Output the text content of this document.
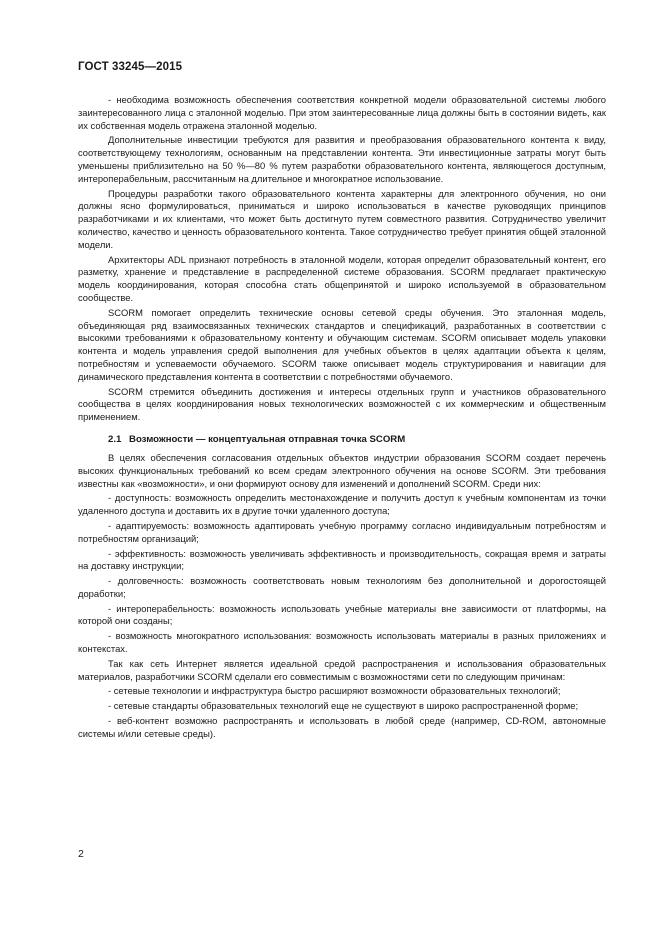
ГОСТ 33245—2015

- необходима возможность обеспечения соответствия конкретной модели образовательной системы любого заинтересованного лица с эталонной моделью. При этом заинтересованные лица должны быть в состоянии видеть, как их собственная модель отражена эталонной моделью.

Дополнительные инвестиции требуются для развития и преобразования образовательного контента к виду, соответствующему технологиям, основанным на представлении контента. Эти инвестиционные затраты могут быть уменьшены приблизительно на 50 %—80 % путем разработки образовательного контента, являющегося доступным, интероперабельным, рассчитанным на длительное и многократное использование.

Процедуры разработки такого образовательного контента характерны для электронного обучения, но они должны ясно формулироваться, приниматься и широко использоваться в качестве руководящих принципов разработчиками и их клиентами, что может быть достигнуто путем совместного развития. Сотрудничество увеличит количество, качество и ценность образовательного контента. Такое сотрудничество требует принятия общей эталонной модели.

Архитекторы ADL признают потребность в эталонной модели, которая определит образовательный контент, его разметку, хранение и представление в распределенной системе образования. SCORM предлагает практическую модель координирования, которая способна стать общепринятой и широко используемой в образовательном сообществе.

SCORM помогает определить технические основы сетевой среды обучения. Это эталонная модель, объединяющая ряд взаимосвязанных технических стандартов и спецификаций, разработанных в соответствии с высокими требованиями к образовательному контенту и обучающим системам. SCORM описывает модель упаковки контента и модель управления средой выполнения для учебных объектов в целях адаптации объекта к целям, потребностям и успеваемости обучаемого. SCORM также описывает модель структурирования и навигации для динамического представления контента в соответствии с потребностями обучаемого.

SCORM стремится объединить достижения и интересы отдельных групп и участников образовательного сообщества в целях координирования новых технологических возможностей с их коммерческим и общественным применением.

2.1 Возможности — концептуальная отправная точка SCORM

В целях обеспечения согласования отдельных объектов индустрии образования SCORM создает перечень высоких функциональных требований ко всем средам электронного обучения на основе SCORM. Эти требования известны как «возможности», и они формируют основу для изменений и дополнений SCORM. Среди них:

- доступность: возможность определить местонахождение и получить доступ к учебным компонентам из точки удаленного доступа и доставить их в другие точки удаленного доступа;

- адаптируемость: возможность адаптировать учебную программу согласно индивидуальным потребностям и потребностям организаций;

- эффективность: возможность увеличивать эффективность и производительность, сокращая время и затраты на доставку инструкции;

- долговечность: возможность соответствовать новым технологиям без дополнительной и дорогостоящей доработки;

- интероперабельность: возможность использовать учебные материалы вне зависимости от платформы, на которой они созданы;

- возможность многократного использования: возможность использовать материалы в разных приложениях и контекстах.

Так как сеть Интернет является идеальной средой распространения и использования образовательных материалов, разработчики SCORM сделали его совместимым с возможностями сети по следующим причинам:

- сетевые технологии и инфраструктура быстро расширяют возможности образовательных технологий;

- сетевые стандарты образовательных технологий еще не существуют в широко распространенной форме;

- веб-контент возможно распространять и использовать в любой среде (например, CD-ROM, автономные системы и/или сетевые среды).

2
